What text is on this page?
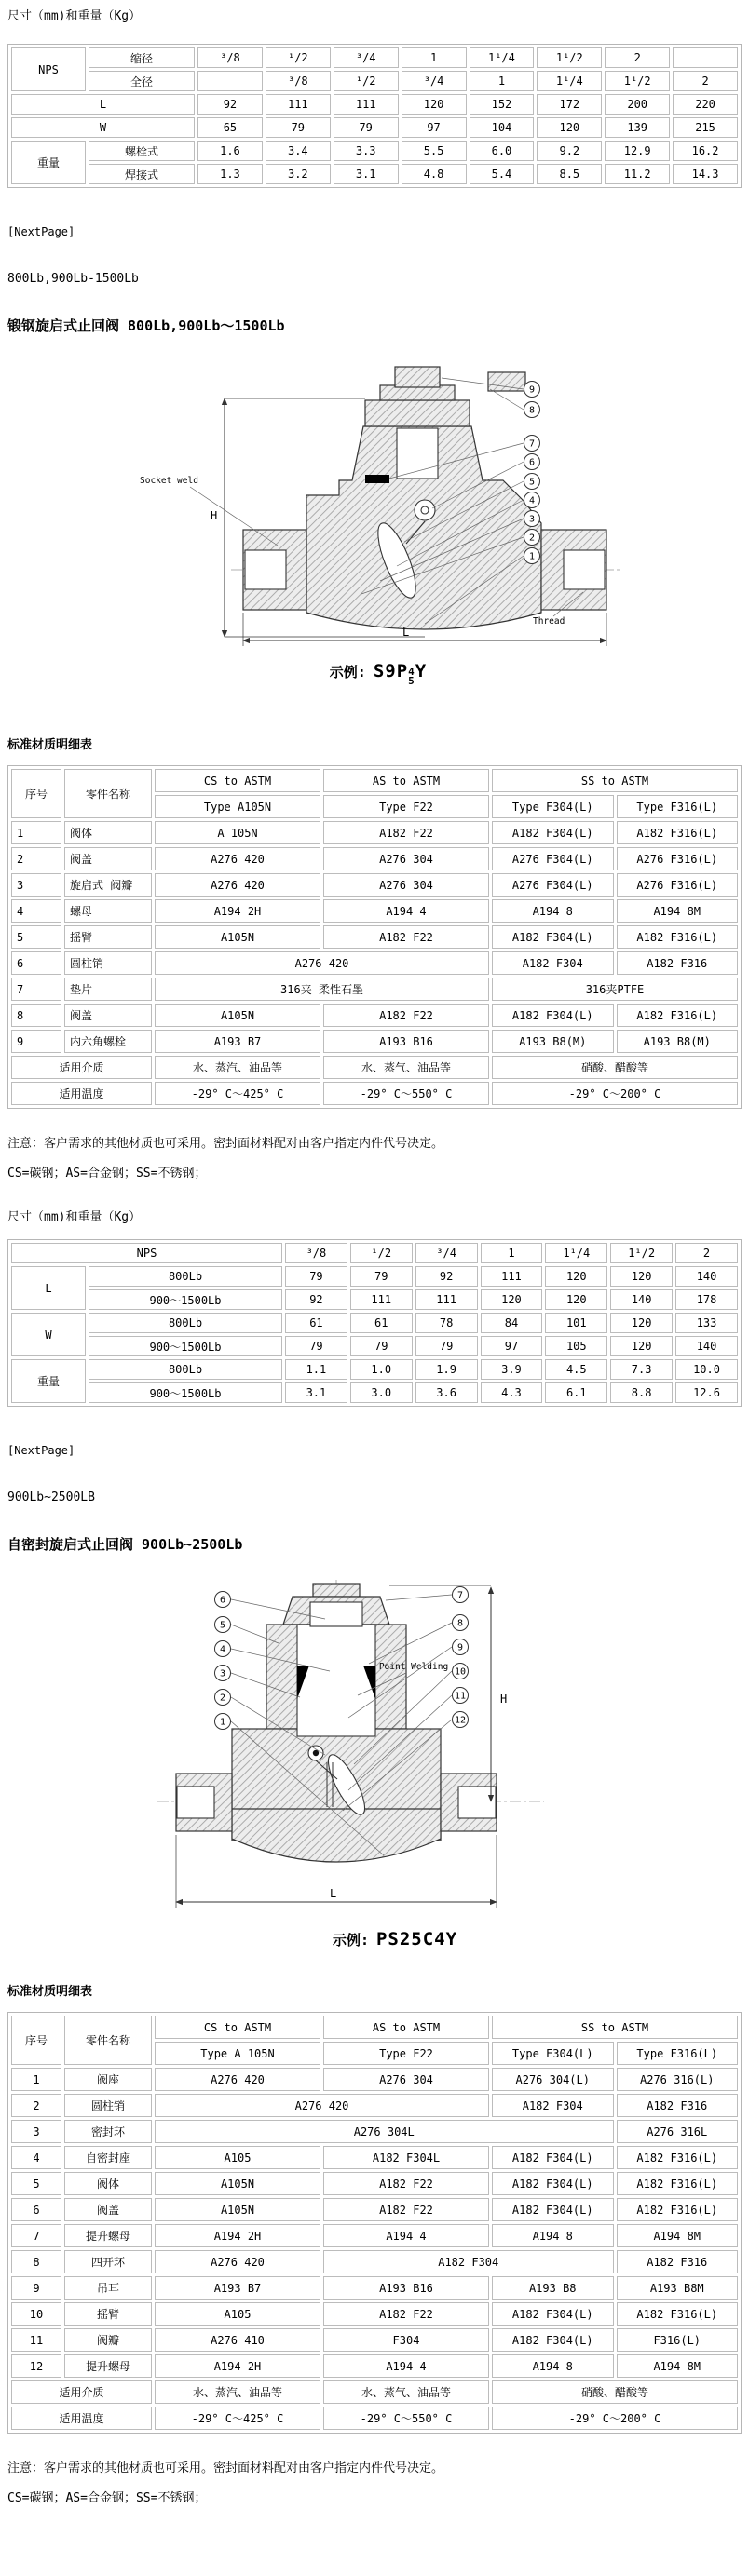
尺寸（mm)和重量（Kg）

NPS	缩径	³/8	¹/2	³/4	1	1¹/4	1¹/2	2	
	全径		³/8	¹/2	³/4	1	1¹/4	1¹/2	2
L		92	111	111	120	152	172	200	220
W		65	79	79	97	104	120	139	215
重量	螺栓式	1.6	3.4	3.3	5.5	6.0	9.2	12.9	16.2
	焊接式	1.3	3.2	3.1	4.8	5.4	8.5	11.2	14.3

[NextPage]

800Lb,900Lb-1500Lb

锻钢旋启式止回阀 800Lb,900Lb～1500Lb

H
L
Socket weld
Thread
9
8
7
6
5
4
3
2
1
示例: S9P 4
5 Y

标准材质明细表

序号	零件名称	CS to ASTM	AS to ASTM	SS to ASTM	
		Type A105N	Type F22	Type F304(L)	Type F316(L)
1	阀体	A 105N	A182 F22	A182 F304(L)	A182 F316(L)
2	阀盖	A276 420	A276 304	A276 F304(L)	A276 F316(L)
3	旋启式 阀瓣	A276 420	A276 304	A276 F304(L)	A276 F316(L)
4	螺母	A194 2H	A194 4	A194 8	A194 8M
5	摇臂	A105N	A182 F22	A182 F304(L)	A182 F316(L)
6	圆柱销	A276 420		A182 F304	A182 F316
7	垫片	316夹 柔性石墨		316夹PTFE	
8	阀盖	A105N	A182 F22	A182 F304(L)	A182 F316(L)
9	内六角螺栓	A193 B7	A193 B16	A193 B8(M)	A193 B8(M)
适用介质		水、蒸汽、油品等	水、蒸气、油品等	硝酸、醋酸等	
适用温度		-29° C～425° C	-29° C～550° C	-29° C～200° C	

注意：客户需求的其他材质也可采用。密封面材料配对由客户指定内件代号决定。

CS=碳钢；AS=合金钢；SS=不锈钢；

尺寸（mm)和重量（Kg）

NPS		³/8	¹/2	³/4	1	1¹/4	1¹/2	2
L	800Lb	79	79	92	111	120	120	140
	900～1500Lb	92	111	111	120	120	140	178
W	800Lb	61	61	78	84	101	120	133
	900～1500Lb	79	79	79	97	105	120	140
重量	800Lb	1.1	1.0	1.9	3.9	4.5	7.3	10.0
	900～1500Lb	3.1	3.0	3.6	4.3	6.1	8.8	12.6

[NextPage]

900Lb~2500LB

自密封旋启式止回阀 900Lb~2500Lb

H
L
Point Welding
6
5
4
3
2
1
7
8
9
10
11
12
示例: PS25C4Y

标准材质明细表

序号	零件名称	CS to ASTM	AS to ASTM	SS to ASTM	
		Type A 105N	Type F22	Type F304(L)	Type F316(L)
1	阀座	A276 420	A276 304	A276 304(L)	A276 316(L)
2	圆柱销	A276 420		A182 F304	A182 F316
3	密封环	A276 304L			A276 316L
4	自密封座	A105	A182 F304L	A182 F304(L)	A182 F316(L)
5	阀体	A105N	A182 F22	A182 F304(L)	A182 F316(L)
6	阀盖	A105N	A182 F22	A182 F304(L)	A182 F316(L)
7	提升螺母	A194 2H	A194 4	A194 8	A194 8M
8	四开环	A276 420	A182 F304		A182 F316
9	吊耳	A193 B7	A193 B16	A193 B8	A193 B8M
10	摇臂	A105	A182 F22	A182 F304(L)	A182 F316(L)
11	阀瓣	A276 410	F304	A182 F304(L)	F316(L)
12	提升螺母	A194 2H	A194 4	A194 8	A194 8M
适用介质		水、蒸汽、油品等	水、蒸气、油品等	硝酸、醋酸等	
适用温度		-29° C～425° C	-29° C～550° C	-29° C～200° C	

注意：客户需求的其他材质也可采用。密封面材料配对由客户指定内件代号决定。

CS=碳钢；AS=合金钢；SS=不锈钢；
